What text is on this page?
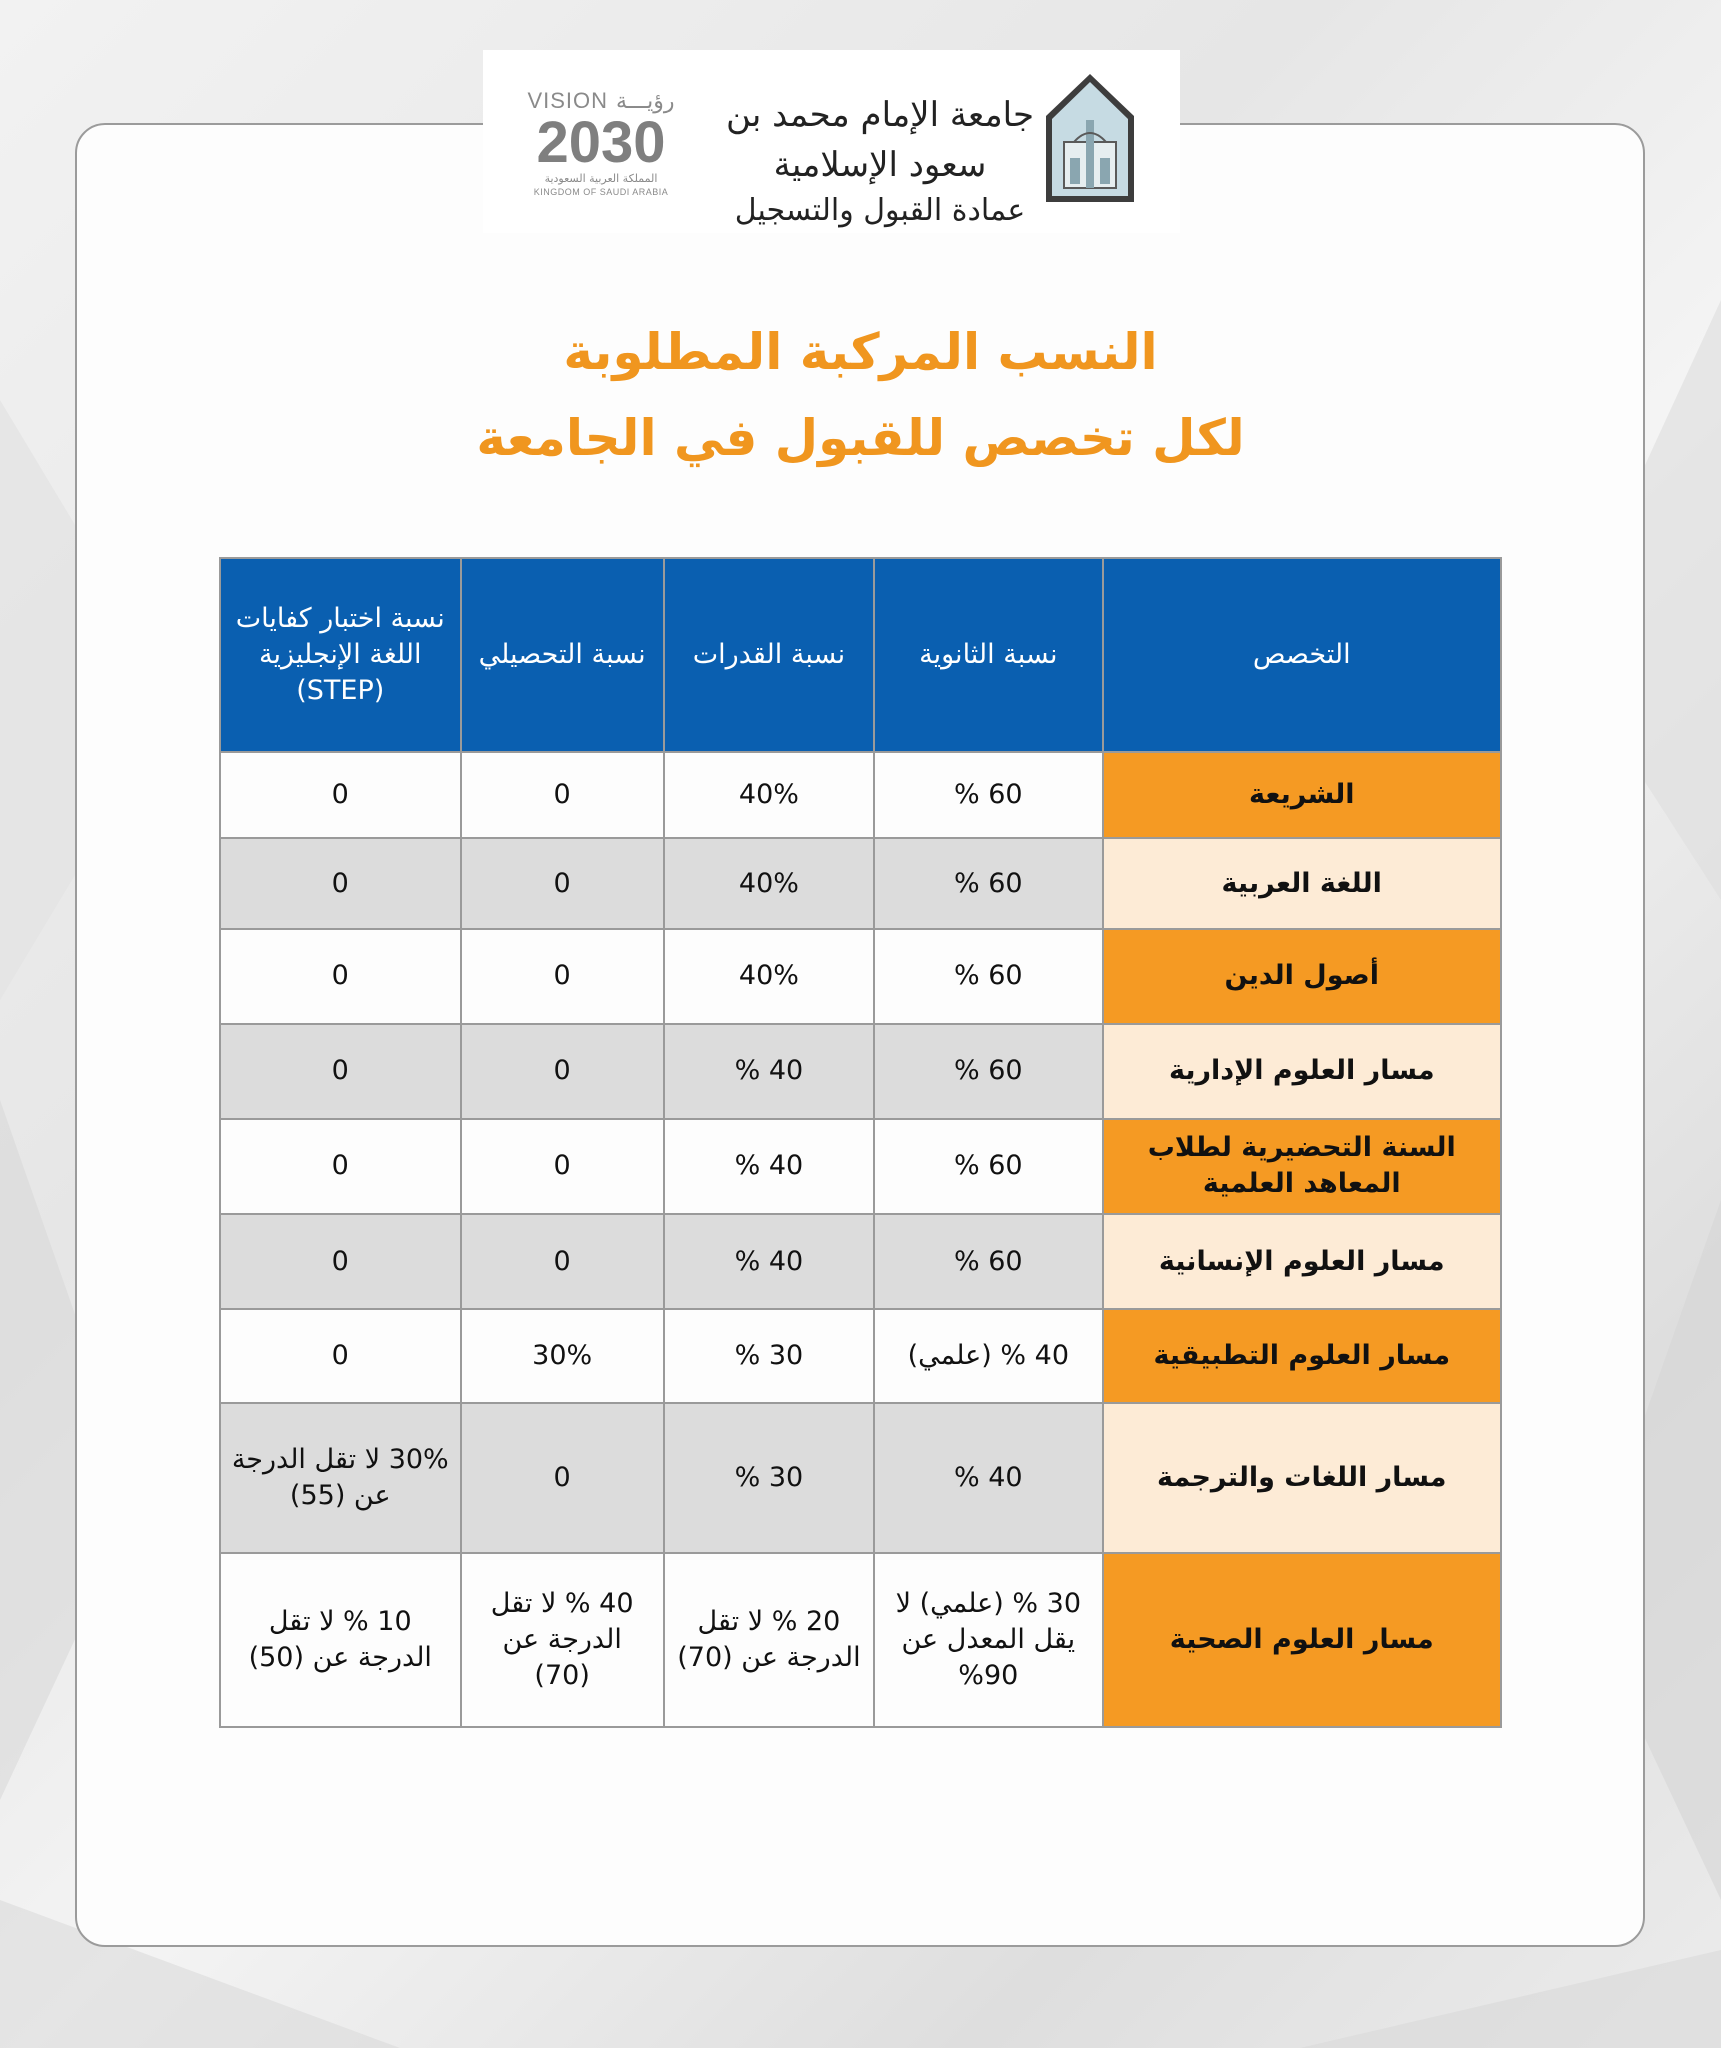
VISION رؤيـــة
2030
المملكة العربية السعودية
KINGDOM OF SAUDI ARABIA
جامعة الإمام محمد بن سعود الإسلامية
عمادة القبول والتسجيل
النسب المركبة المطلوبة
لكل تخصص للقبول في الجامعة
التخصص	نسبة الثانوية	نسبة القدرات	نسبة التحصيلي	نسبة اختبار كفايات اللغة الإنجليزية (STEP)
الشريعة	60 %	40%	0	0
اللغة العربية	60 %	40%	0	0
أصول الدين	60 %	40%	0	0
مسار العلوم الإدارية	60 %	40 %	0	0
السنة التحضيرية لطلاب المعاهد العلمية	60 %	40 %	0	0
مسار العلوم الإنسانية	60 %	40 %	0	0
مسار العلوم التطبيقية	40 % (علمي)	30 %	30%	0
مسار اللغات والترجمة	40 %	30 %	0	30% لا تقل الدرجة عن (55)
مسار العلوم الصحية	30 % (علمي) لا يقل المعدل عن 90%	20 % لا تقل الدرجة عن (70)	40 % لا تقل الدرجة عن (70)	10 % لا تقل الدرجة عن (50)
